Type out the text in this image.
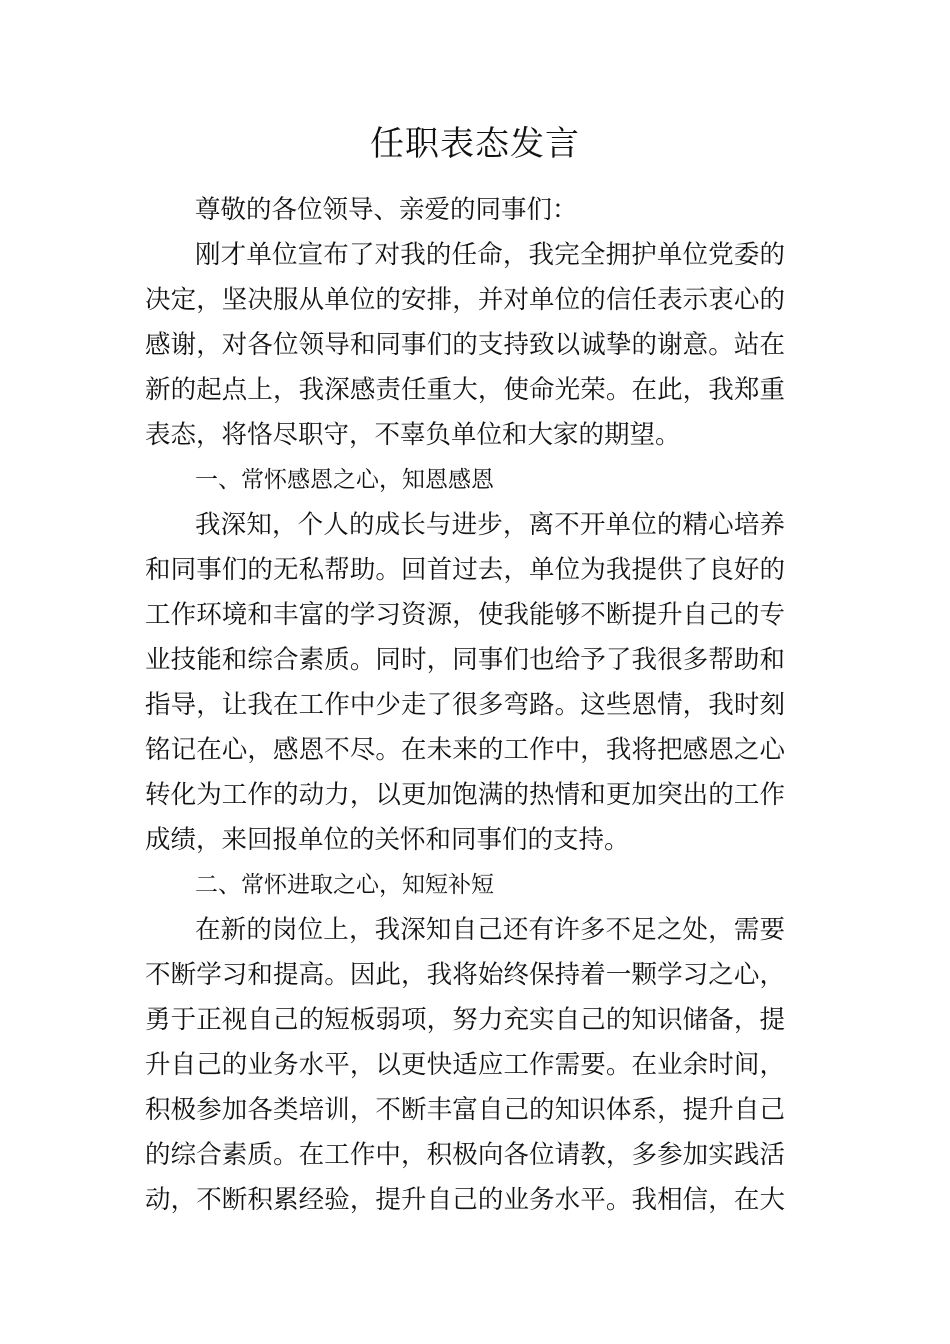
任职表态发言
尊敬的各位领导、亲爱的同事们：
刚才单位宣布了对我的任命，我完全拥护单位党委的
决定，坚决服从单位的安排，并对单位的信任表示衷心的
感谢，对各位领导和同事们的支持致以诚挚的谢意。站在
新的起点上，我深感责任重大，使命光荣。在此，我郑重
表态，将恪尽职守，不辜负单位和大家的期望。
一、常怀感恩之心，知恩感恩
我深知，个人的成长与进步，离不开单位的精心培养
和同事们的无私帮助。回首过去，单位为我提供了良好的
工作环境和丰富的学习资源，使我能够不断提升自己的专
业技能和综合素质。同时，同事们也给予了我很多帮助和
指导，让我在工作中少走了很多弯路。这些恩情，我时刻
铭记在心，感恩不尽。在未来的工作中，我将把感恩之心
转化为工作的动力，以更加饱满的热情和更加突出的工作
成绩，来回报单位的关怀和同事们的支持。
二、常怀进取之心，知短补短
在新的岗位上，我深知自己还有许多不足之处，需要
不断学习和提高。因此，我将始终保持着一颗学习之心，
勇于正视自己的短板弱项，努力充实自己的知识储备，提
升自己的业务水平，以更快适应工作需要。在业余时间，
积极参加各类培训，不断丰富自己的知识体系，提升自己
的综合素质。在工作中，积极向各位请教，多参加实践活
动，不断积累经验，提升自己的业务水平。我相信，在大
